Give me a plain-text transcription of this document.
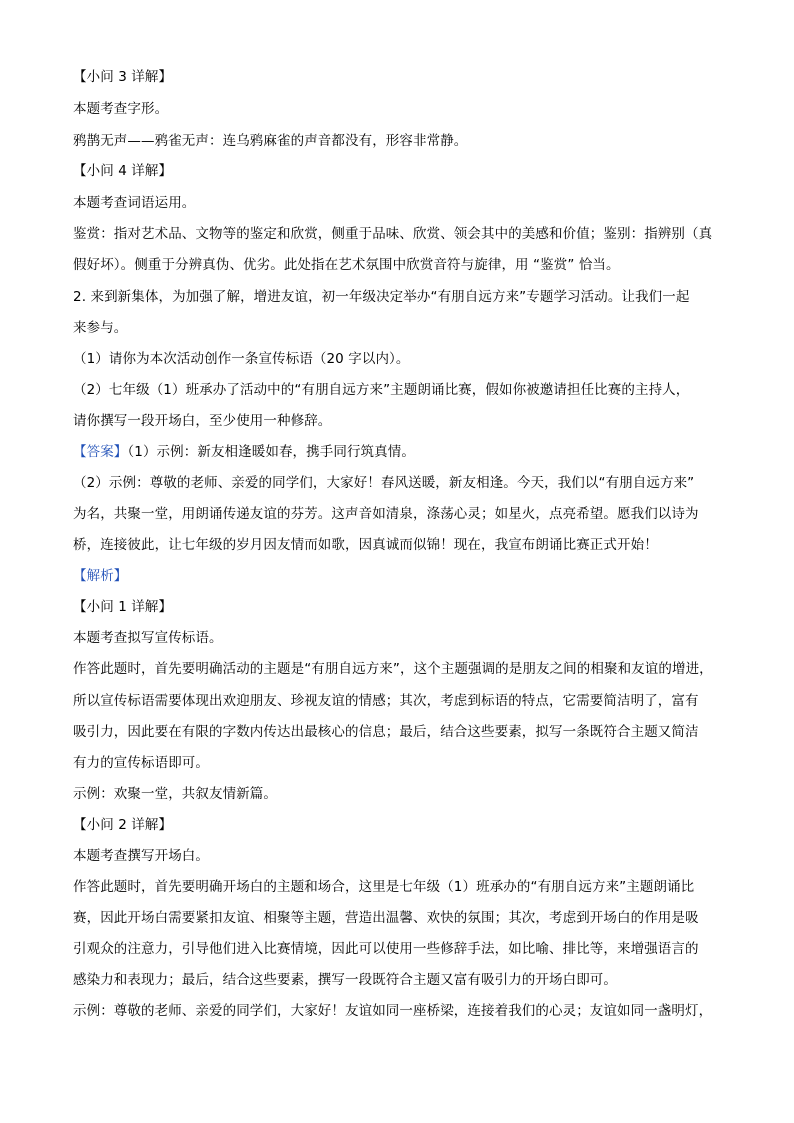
【小问 3 详解】
本题考查字形。
鸦鹊无声——鸦雀无声：连乌鸦麻雀的声音都没有，形容非常静。
【小问 4 详解】
本题考查词语运用。
鉴赏：指对艺术品、文物等的鉴定和欣赏，侧重于品味、欣赏、领会其中的美感和价值；鉴别：指辨别（真
假好坏）。侧重于分辨真伪、优劣。此处指在艺术氛围中欣赏音符与旋律，用 “鉴赏” 恰当。
2. 来到新集体，为加强了解，增进友谊，初一年级决定举办“有朋自远方来”专题学习活动。让我们一起
来参与。
（1）请你为本次活动创作一条宣传标语（20 字以内）。
（2）七年级（1）班承办了活动中的“有朋自远方来”主题朗诵比赛，假如你被邀请担任比赛的主持人，
请你撰写一段开场白，至少使用一种修辞。
【答案】（1）示例：新友相逢暖如春，携手同行筑真情。
（2）示例：尊敬的老师、亲爱的同学们，大家好！春风送暖，新友相逢。今天，我们以“有朋自远方来”
为名，共聚一堂，用朗诵传递友谊的芬芳。这声音如清泉，涤荡心灵；如星火，点亮希望。愿我们以诗为
桥，连接彼此，让七年级的岁月因友情而如歌，因真诚而似锦！现在，我宣布朗诵比赛正式开始！
【解析】
【小问 1 详解】
本题考查拟写宣传标语。
作答此题时，首先要明确活动的主题是“有朋自远方来”，这个主题强调的是朋友之间的相聚和友谊的增进，
所以宣传标语需要体现出欢迎朋友、珍视友谊的情感；其次，考虑到标语的特点，它需要简洁明了，富有
吸引力，因此要在有限的字数内传达出最核心的信息；最后，结合这些要素，拟写一条既符合主题又简洁
有力的宣传标语即可。
示例：欢聚一堂，共叙友情新篇。
【小问 2 详解】
本题考查撰写开场白。
作答此题时，首先要明确开场白的主题和场合，这里是七年级（1）班承办的“有朋自远方来”主题朗诵比
赛，因此开场白需要紧扣友谊、相聚等主题，营造出温馨、欢快的氛围；其次，考虑到开场白的作用是吸
引观众的注意力，引导他们进入比赛情境，因此可以使用一些修辞手法，如比喻、排比等，来增强语言的
感染力和表现力；最后，结合这些要素，撰写一段既符合主题又富有吸引力的开场白即可。
示例：尊敬的老师、亲爱的同学们，大家好！友谊如同一座桥梁，连接着我们的心灵；友谊如同一盏明灯，
